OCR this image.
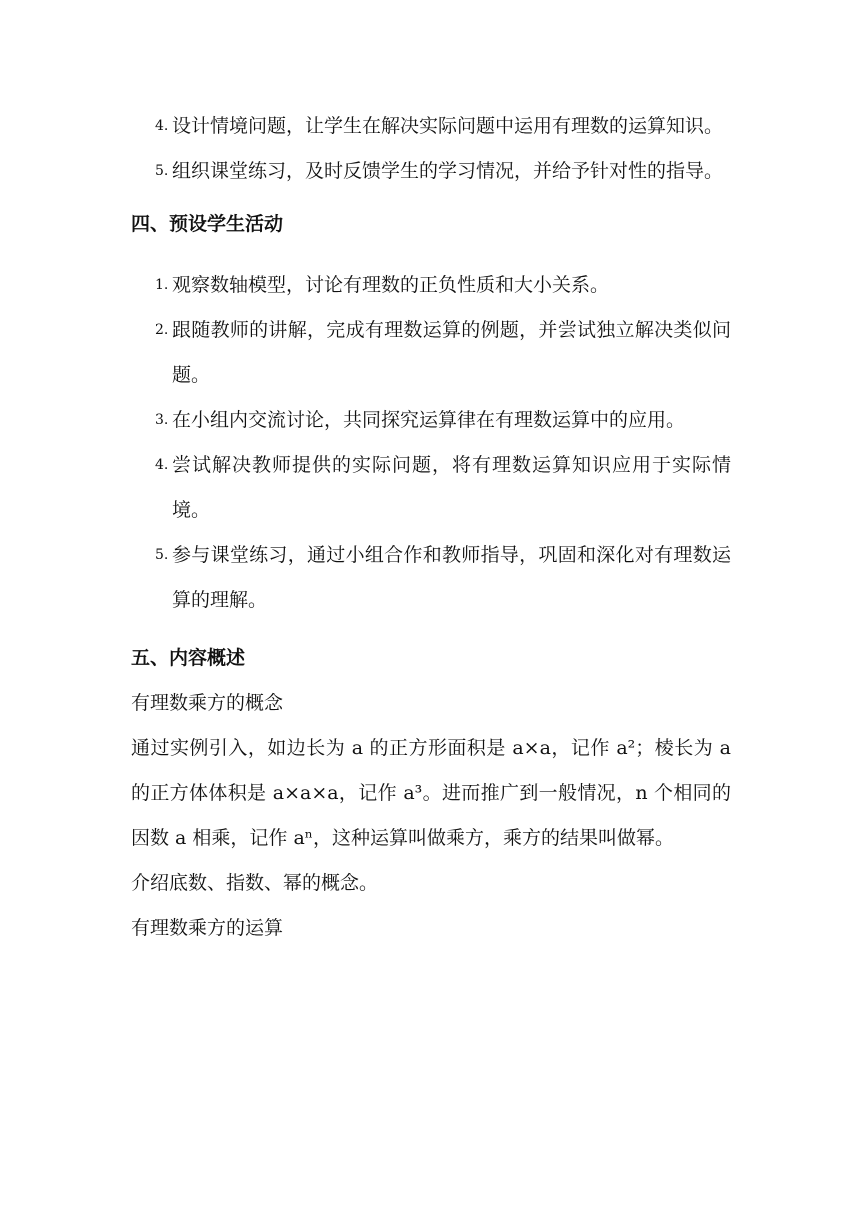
4. 设计情境问题，让学生在解决实际问题中运用有理数的运算知识。
5. 组织课堂练习，及时反馈学生的学习情况，并给予针对性的指导。
四、预设学生活动
1. 观察数轴模型，讨论有理数的正负性质和大小关系。
2. 跟随教师的讲解，完成有理数运算的例题，并尝试独立解决类似问题。
3. 在小组内交流讨论，共同探究运算律在有理数运算中的应用。
4. 尝试解决教师提供的实际问题，将有理数运算知识应用于实际情境。
5. 参与课堂练习，通过小组合作和教师指导，巩固和深化对有理数运算的理解。
五、内容概述

有理数乘方的概念

通过实例引入，如边长为 a 的正方形面积是 a×a，记作 a²；棱长为 a 的正方体体积是 a×a×a，记作 a³。进而推广到一般情况，n 个相同的因数 a 相乘，记作 aⁿ，这种运算叫做乘方，乘方的结果叫做幂。

介绍底数、指数、幂的概念。

有理数乘方的运算
